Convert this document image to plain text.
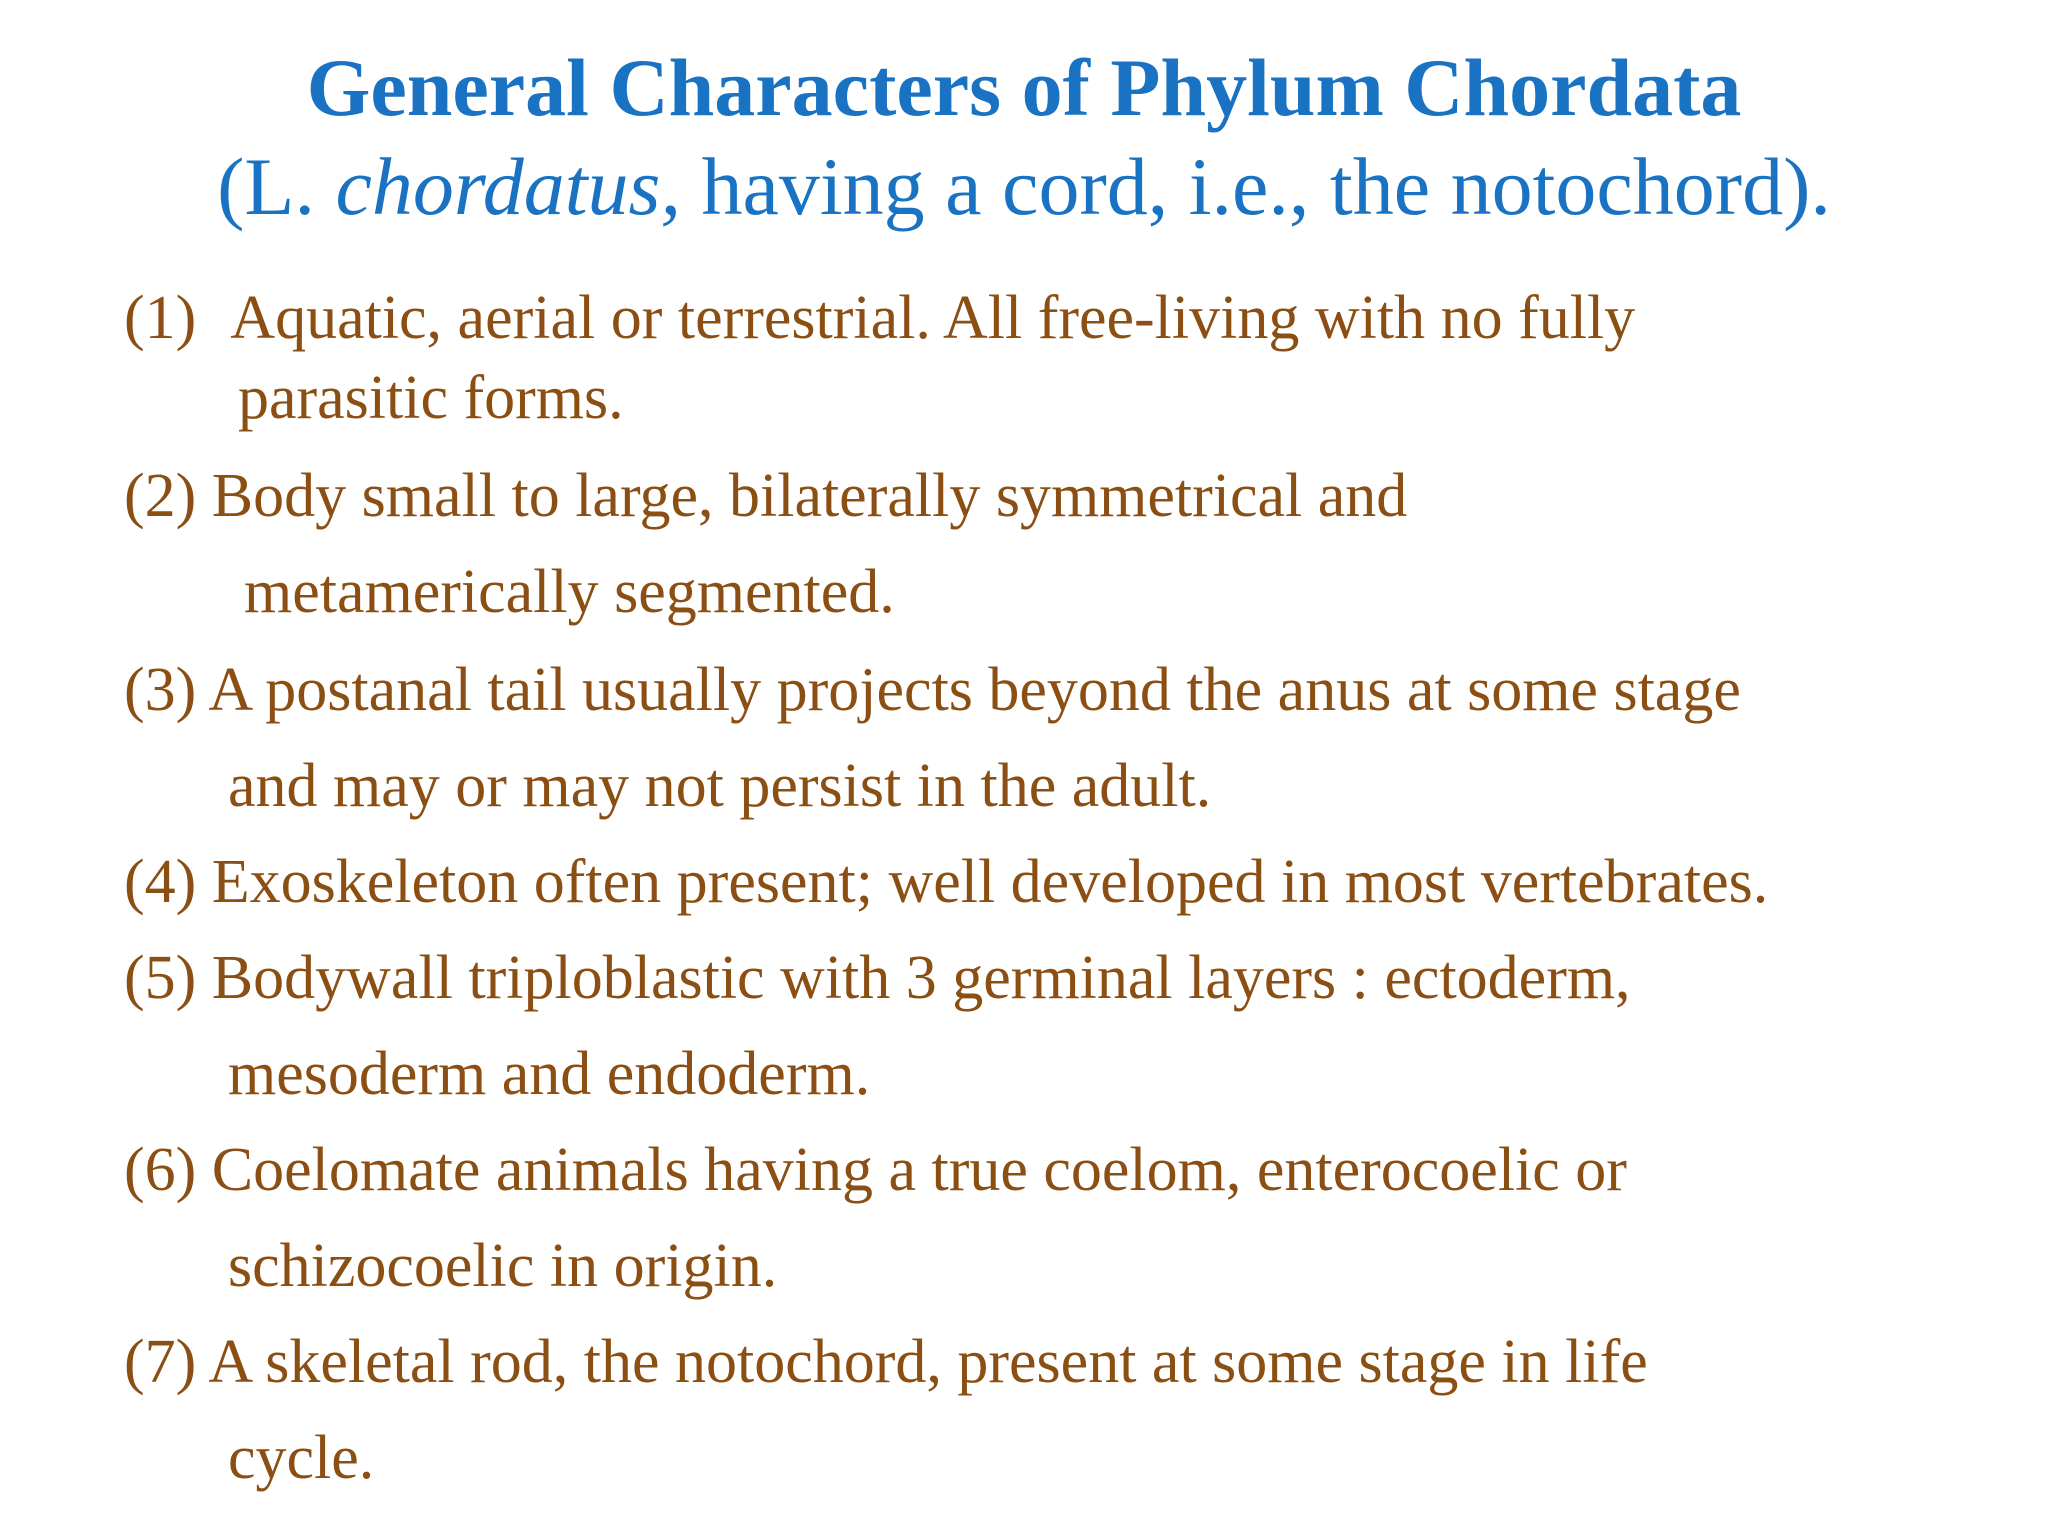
General Characters of Phylum Chordata
(L. chordatus, having a cord, i.e., the notochord).
(1) Aquatic, aerial or terrestrial. All free-living with no fully
parasitic forms.
(2) Body small to large, bilaterally symmetrical and
metamerically segmented.
(3) A postanal tail usually projects beyond the anus at some stage
and may or may not persist in the adult.
(4) Exoskeleton often present; well developed in most vertebrates.
(5) Bodywall triploblastic with 3 germinal layers : ectoderm,
mesoderm and endoderm.
(6) Coelomate animals having a true coelom, enterocoelic or
schizocoelic in origin.
(7) A skeletal rod, the notochord, present at some stage in life
cycle.
